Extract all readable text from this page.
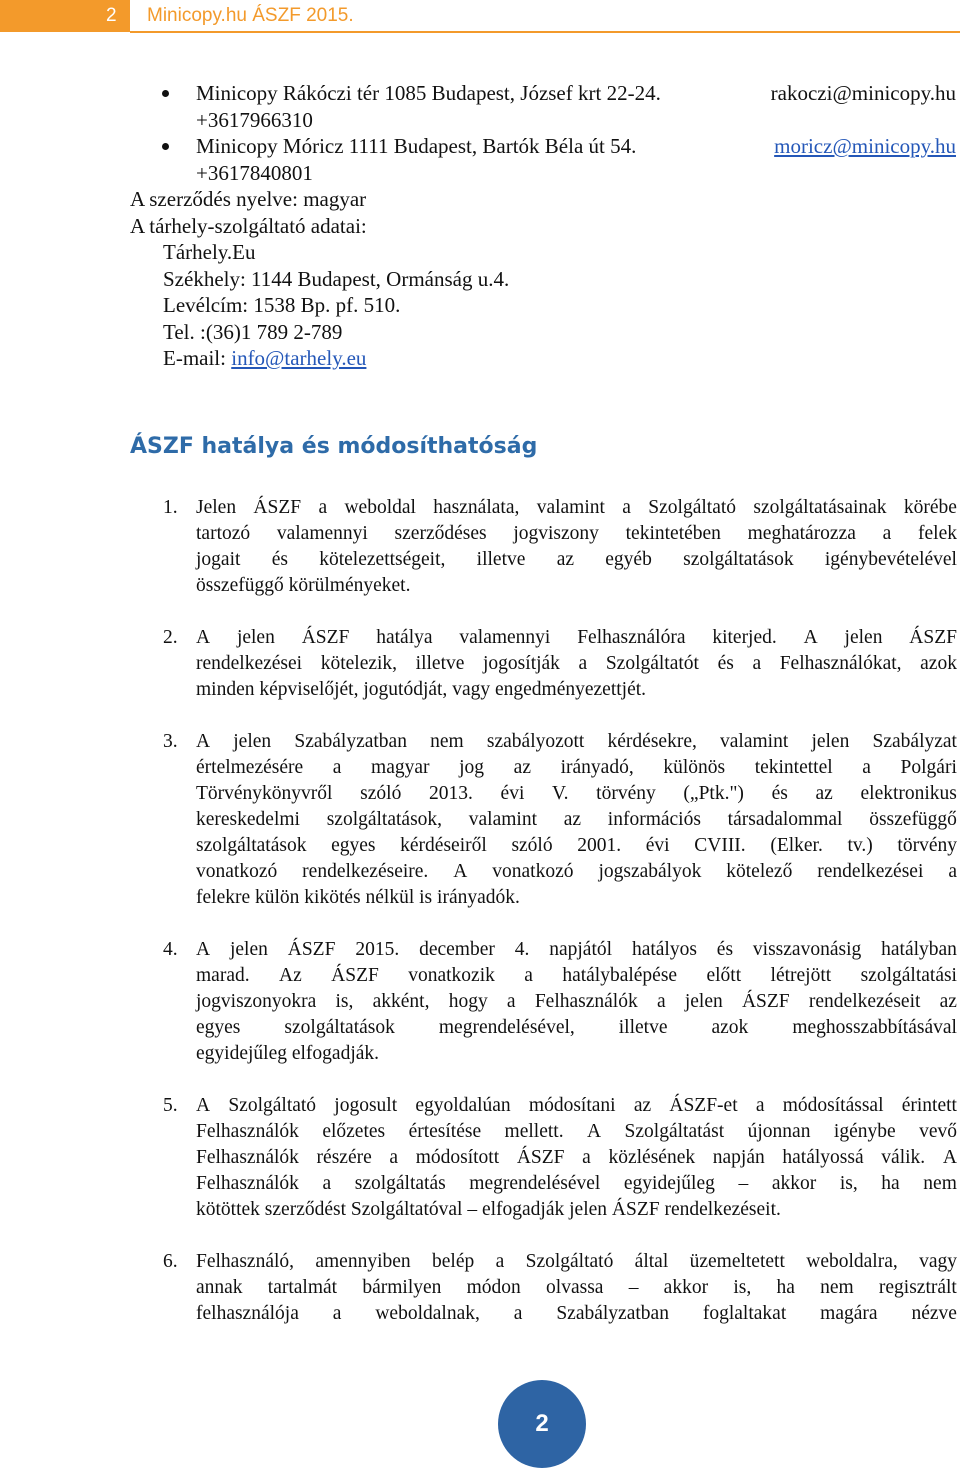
2	Minicopy.hu ÁSZF 2015.
Minicopy Rákóczi tér 1085 Budapest, József krt 22-24.	rakoczi@minicopy.hu
+3617966310
Minicopy Móricz 1111 Budapest, Bartók Béla út 54.	moricz@minicopy.hu
+3617840801
A szerződés nyelve: magyar
A tárhely-szolgáltató adatai:
Tárhely.Eu
Székhely: 1144 Budapest, Ormánság u.4.
Levélcím: 1538 Bp. pf. 510.
Tel. :(36)1 789 2-789
E-mail: info@tarhely.eu
ÁSZF hatálya és módosíthatóság
1. Jelen ÁSZF a weboldal használata, valamint a Szolgáltató szolgáltatásainak körébe
tartozó valamennyi szerződéses jogviszony tekintetében meghatározza a felek
jogait és kötelezettségeit, illetve az egyéb szolgáltatások igénybevételével
összefüggő
körülményeket.
2. A jelen ÁSZF hatálya valamennyi Felhasználóra kiterjed. A jelen ÁSZF
rendelkezései kötelezik, illetve jogosítják a Szolgáltatót és a Felhasználókat, azok
minden
képviselőjét,
jogutódját,
vagy
engedményezettjét.
3. A jelen Szabályzatban nem szabályozott kérdésekre, valamint jelen Szabályzat
értelmezésére a magyar jog az irányadó, különös tekintettel a Polgári
Törvénykönyvről szóló 2013. évi V. törvény („Ptk.") és az elektronikus
kereskedelmi szolgáltatások, valamint az információs társadalommal összefüggő
szolgáltatások egyes kérdéseiről szóló 2001. évi CVIII. (Elker. tv.) törvény
vonatkozó rendelkezéseire. A vonatkozó jogszabályok kötelező rendelkezései a
felekre
külön
kikötés
nélkül
is
irányadók.
4. A jelen ÁSZF 2015. december 4. napjától hatályos és visszavonásig hatályban
marad. Az ÁSZF vonatkozik a hatálybalépése előtt létrejött szolgáltatási
jogviszonyokra is, akként, hogy a Felhasználók a jelen ÁSZF rendelkezéseit az
egyes szolgáltatások megrendelésével, illetve azok meghosszabbításával
egyidejűleg
elfogadják.
5. A Szolgáltató jogosult egyoldalúan módosítani az ÁSZF-et a módosítással érintett
Felhasználók előzetes értesítése mellett. A Szolgáltatást újonnan igénybe vevő
Felhasználók részére a módosított ÁSZF a közlésének napján hatályossá válik. A
Felhasználók a szolgáltatás megrendelésével egyidejűleg – akkor is, ha nem
kötöttek
szerződést
Szolgáltatóval
–
elfogadják
jelen
ÁSZF
rendelkezéseit.
6. Felhasználó, amennyiben belép a Szolgáltató által üzemeltetett weboldalra, vagy
annak tartalmát bármilyen módon olvassa – akkor is, ha nem regisztrált
felhasználója a weboldalnak, a Szabályzatban foglaltakat magára nézve
2
